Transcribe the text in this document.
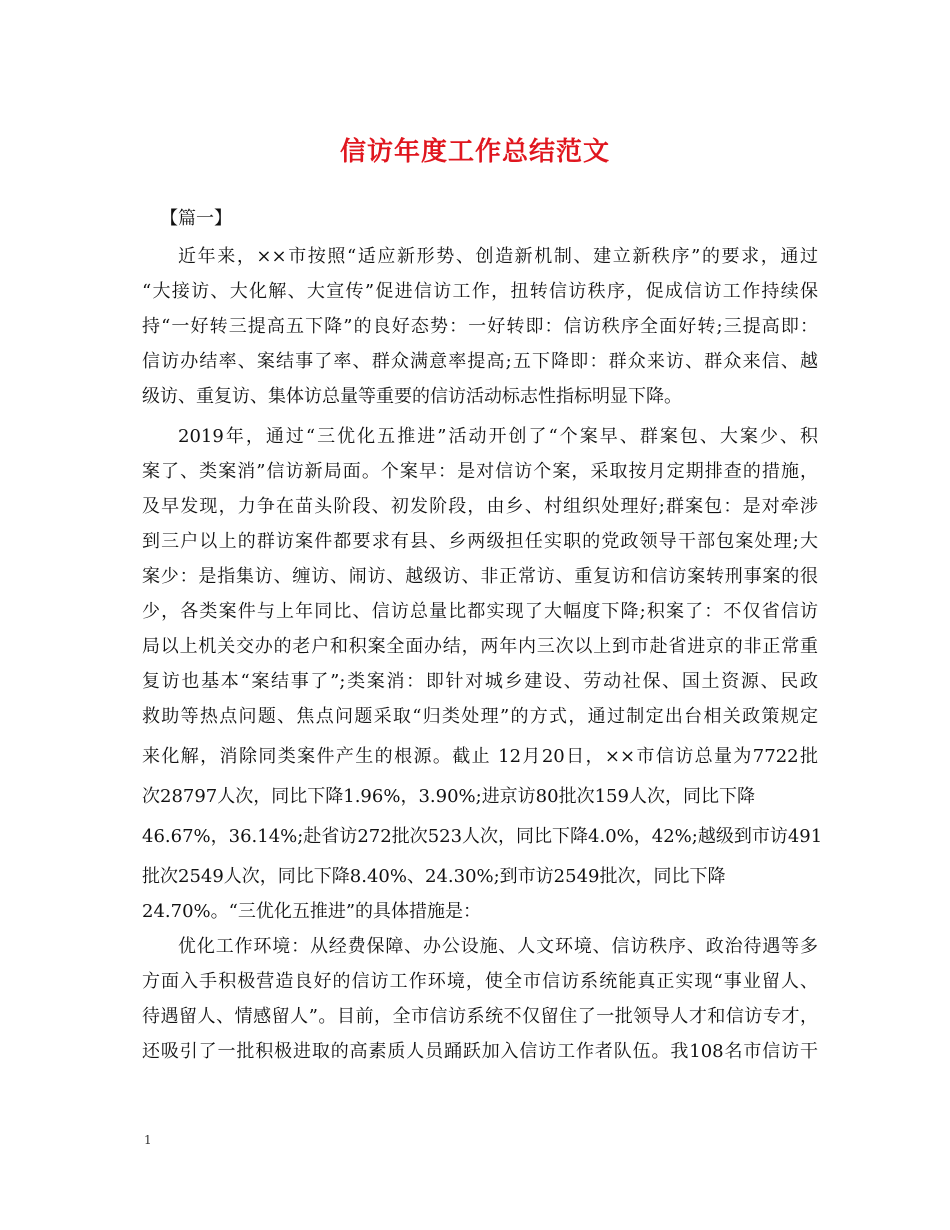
信访年度工作总结范文
【篇一】
近年来，××市按照“适应新形势、创造新机制、建立新秩序”的要求，通过
“大接访、大化解、大宣传”促进信访工作，扭转信访秩序，促成信访工作持续保
持“一好转三提高五下降”的良好态势：一好转即：信访秩序全面好转;三提高即：
信访办结率、案结事了率、群众满意率提高;五下降即：群众来访、群众来信、越
级访、重复访、集体访总量等重要的信访活动标志性指标明显下降。
2019年，通过“三优化五推进”活动开创了“个案早、群案包、大案少、积
案了、类案消”信访新局面。个案早：是对信访个案，采取按月定期排查的措施，
及早发现，力争在苗头阶段、初发阶段，由乡、村组织处理好;群案包：是对牵涉
到三户以上的群访案件都要求有县、乡两级担任实职的党政领导干部包案处理;大
案少：是指集访、缠访、闹访、越级访、非正常访、重复访和信访案转刑事案的很
少，各类案件与上年同比、信访总量比都实现了大幅度下降;积案了：不仅省信访
局以上机关交办的老户和积案全面办结，两年内三次以上到市赴省进京的非正常重
复访也基本“案结事了”;类案消：即针对城乡建设、劳动社保、国土资源、民政
救助等热点问题、焦点问题采取“归类处理”的方式，通过制定出台相关政策规定
来化解，消除同类案件产生的根源。截止 12月20日，××市信访总量为7722批
次28797人次，同比下降1.96%，3.90%;进京访80批次159人次，同比下降
46.67%，36.14%;赴省访272批次523人次，同比下降4.0%，42%;越级到市访491
批次2549人次，同比下降8.40%、24.30%;到市访2549批次，同比下降
24.70%。“三优化五推进”的具体措施是：
优化工作环境：从经费保障、办公设施、人文环境、信访秩序、政治待遇等多
方面入手积极营造良好的信访工作环境，使全市信访系统能真正实现“事业留人、
待遇留人、情感留人”。目前，全市信访系统不仅留住了一批领导人才和信访专才，
还吸引了一批积极进取的高素质人员踊跃加入信访工作者队伍。我108名市信访干
1
